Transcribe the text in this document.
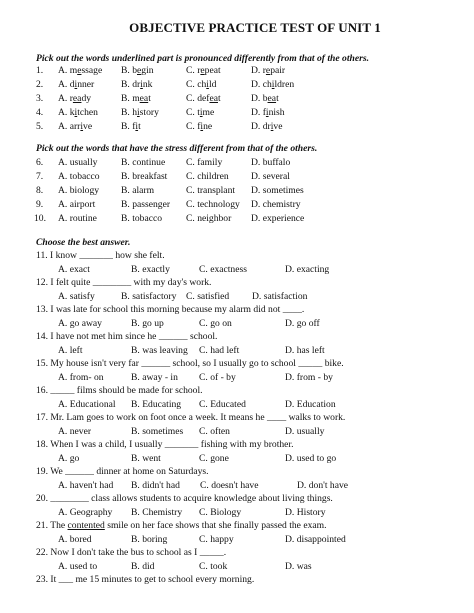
OBJECTIVE PRACTICE TEST OF UNIT 1
Pick out the words underlined part is pronounced differently from that of the others.
1. A. message B. begin	C. repeat	D. repair
2. A. dinner	B. drink	C. child	D. children
3. A. ready	B. meat	C. defeat	D. beat
4. A. kitchen B. history	C. time	D. finish
5. A. arrive	B. fit	C. fine	D. drive
Pick out the words that have the stress different from that of the others.
6. A. usually B. continue C. family	D. buffalo
7. A. tobacco B. breakfast C. children D. several
8. A. biology B. alarm	C. transplant D. sometimes
9. A. airport	B. passenger C. technology D. chemistry
10. A. routine	B. tobacco C. neighbor D. experience
Choose the best answer.
11. I know _______ how she felt.
A. exact	B. exactly	C. exactness	D. exacting
12. I felt quite ________ with my day's work.
A. satisfy	B. satisfactory C. satisfied D. satisfaction
13. I was late for school this morning because my alarm did not ____.
A. go away	B. go up	C. go on	D. go off
14. I have not met him since he ______ school.
A. left	B. was leaving C. had left	D. has left
15. My house isn't very far ______ school, so I usually go to school _____ bike.
A. from- on	B. away - in C. of - by	D. from - by
16. _____ films should be made for school.
A. Educational B. Educating C. Educated	D. Education
17. Mr. Lam goes to work on foot once a week. It means he ____ walks to work.
A. never	B. sometimes C. often	D. usually
18. When I was a child, I usually _______ fishing with my brother.
A. go	B. went	C. gone	D. used to go
19. We ______ dinner at home on Saturdays.
A. haven't had B. didn't had C. doesn't have	D. don't have
20. ________ class allows students to acquire knowledge about living things.
A. Geography B. Chemistry C. Biology	D. History
21. The contented smile on her face shows that she finally passed the exam.
A. bored	B. boring	C. happy	D. disappointed
22. Now I don't take the bus to school as I _____.
A. used to	B. did	C. took	D. was
23. It ___ me 15 minutes to get to school every morning.
